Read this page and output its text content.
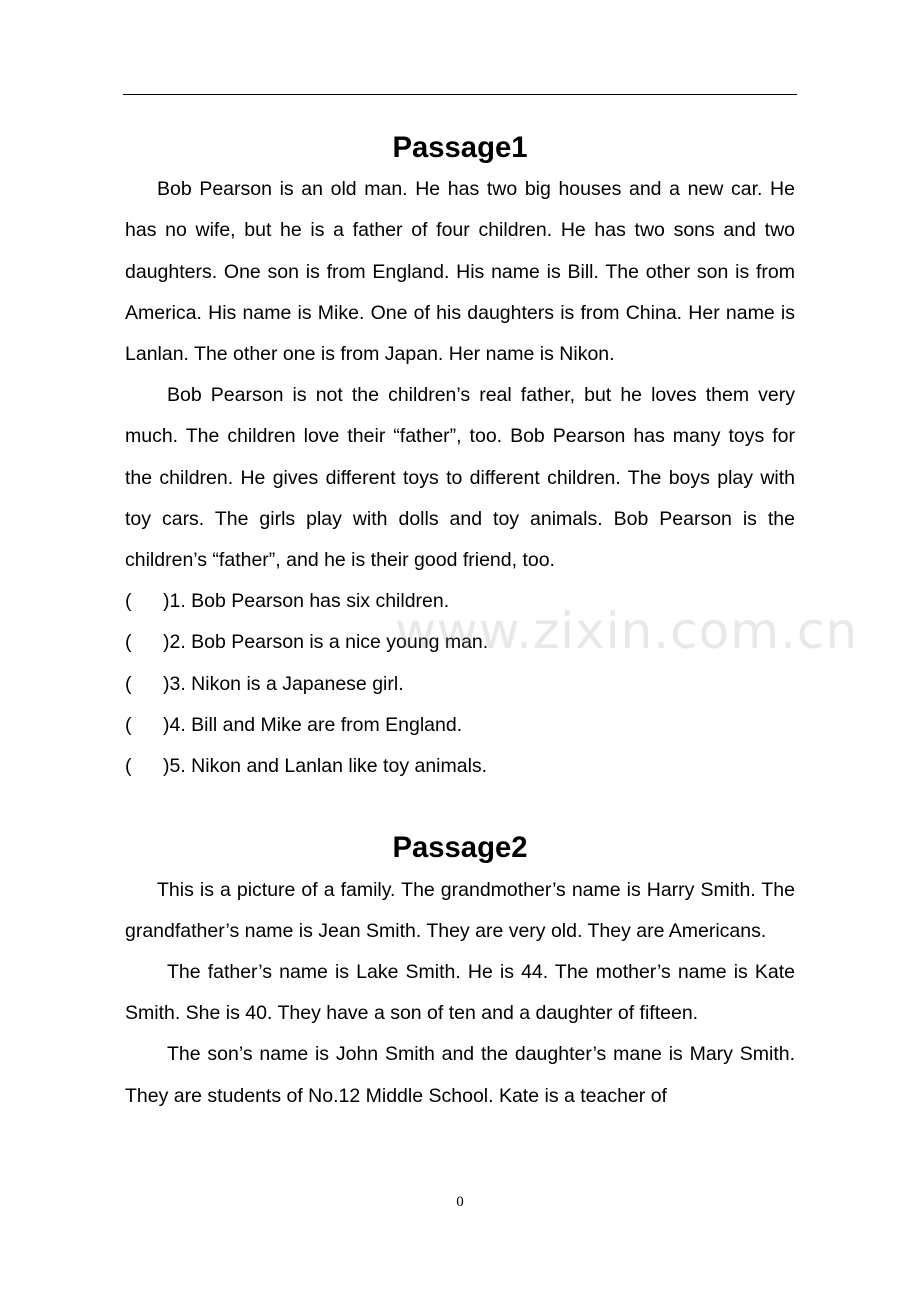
Passage1

Bob Pearson is an old man. He has two big houses and a new car. He has no wife, but he is a father of four children. He has two sons and two daughters. One son is from England. His name is Bill. The other son is from America. His name is Mike. One of his daughters is from China. Her name is Lanlan. The other one is from Japan. Her name is Nikon.

Bob Pearson is not the children’s real father, but he loves them very much. The children love their “father”, too. Bob Pearson has many toys for the children. He gives different toys to different children. The boys play with toy cars. The girls play with dolls and toy animals. Bob Pearson is the children’s “father”, and he is their good friend, too.

(	)1. Bob Pearson has six children.
(	)2. Bob Pearson is a nice young man.
(	)3. Nikon is a Japanese girl.
(	)4. Bill and Mike are from England.
(	)5. Nikon and Lanlan like toy animals.
Passage2

This is a picture of a family. The grandmother’s name is Harry Smith. The grandfather’s name is Jean Smith. They are very old. They are Americans.

The father’s name is Lake Smith. He is 44. The mother’s name is Kate Smith. She is 40. They have a son of ten and a daughter of fifteen.

The son’s name is John Smith and the daughter’s mane is Mary Smith. They are students of No.12 Middle School. Kate is a teacher of

www.zixin.com.cn
0
